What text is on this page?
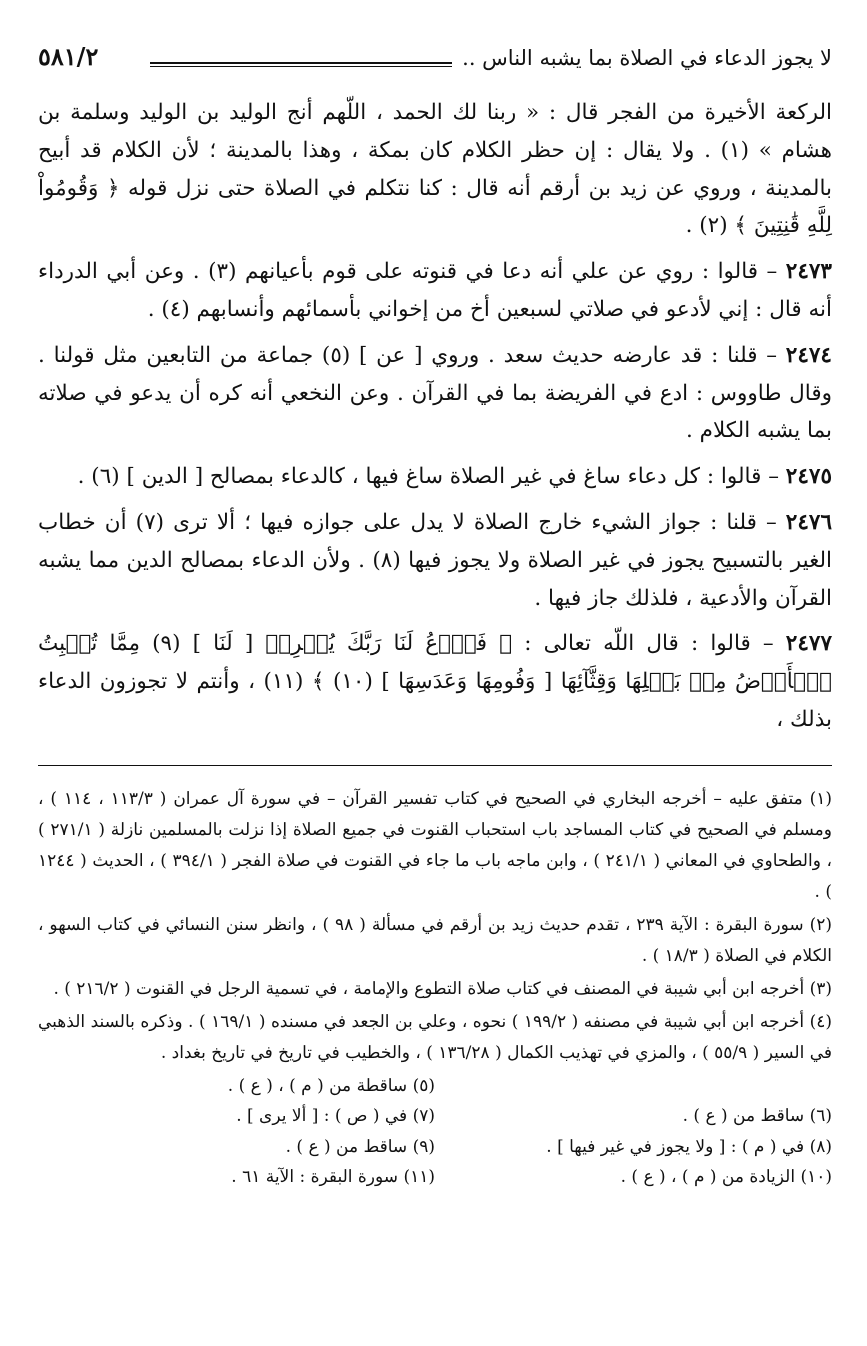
لا يجوز الدعاء في الصلاة بما يشبه الناس ..
٥٨١/٢

الركعة الأخيرة من الفجر قال : « ربنا لك الحمد ، اللّهم أنج الوليد بن الوليد وسلمة بن هشام » (١) . ولا يقال : إن حظر الكلام كان بمكة ، وهذا بالمدينة ؛ لأن الكلام قد أبيح بالمدينة ، وروي عن زيد بن أرقم أنه قال : كنا نتكلم في الصلاة حتى نزل قوله ﴿ وَقُومُواْ لِلَّهِ قَٰنِتِينَ ﴾ (٢) .

٢٤٧٣ – قالوا : روي عن علي أنه دعا في قنوته على قوم بأعيانهم (٣) . وعن أبي الدرداء أنه قال : إني لأدعو في صلاتي لسبعين أخ من إخواني بأسمائهم وأنسابهم (٤) .

٢٤٧٤ – قلنا : قد عارضه حديث سعد . وروي [ عن ] (٥) جماعة من التابعين مثل قولنا . وقال طاووس : ادع في الفريضة بما في القرآن . وعن النخعي أنه كره أن يدعو في صلاته بما يشبه الكلام .

٢٤٧٥ – قالوا : كل دعاء ساغ في غير الصلاة ساغ فيها ، كالدعاء بمصالح [ الدين ] (٦) .

٢٤٧٦ – قلنا : جواز الشيء خارج الصلاة لا يدل على جوازه فيها ؛ ألا ترى (٧) أن خطاب الغير بالتسبيح يجوز في غير الصلاة ولا يجوز فيها (٨) . ولأن الدعاء بمصالح الدين مما يشبه القرآن والأدعية ، فلذلك جاز فيها .

٢٤٧٧ – قالوا : قال اللّه تعالى : ﴿ فَٱدۡعُ لَنَا رَبَّكَ يُخۡرِجۡ [ لَنَا ] (٩) مِمَّا تُنۢبِتُ ٱلۡأَرۡضُ مِنۢ بَقۡلِهَا وَقِثَّآئِهَا [ وَفُومِهَا وَعَدَسِهَا ] (١٠) ﴾ (١١) ، وأنتم لا تجوزون الدعاء بذلك ،

(١) متفق عليه – أخرجه البخاري في الصحيح في كتاب تفسير القرآن – في سورة آل عمران ( ١١٣/٣ ، ١١٤ ) ، ومسلم في الصحيح في كتاب المساجد باب استحباب القنوت في جميع الصلاة إذا نزلت بالمسلمين نازلة ( ٢٧١/١ ) ، والطحاوي في المعاني ( ٢٤١/١ ) ، وابن ماجه باب ما جاء في القنوت في صلاة الفجر ( ٣٩٤/١ ) ، الحديث ( ١٢٤٤ ) .

(٢) سورة البقرة : الآية ٢٣٩ ، تقدم حديث زيد بن أرقم في مسألة ( ٩٨ ) ، وانظر سنن النسائي في كتاب السهو ، الكلام في الصلاة ( ١٨/٣ ) .

(٣) أخرجه ابن أبي شيبة في المصنف في كتاب صلاة التطوع والإمامة ، في تسمية الرجل في القنوت ( ٢١٦/٢ ) .

(٤) أخرجه ابن أبي شيبة في مصنفه ( ١٩٩/٢ ) نحوه ، وعلي بن الجعد في مسنده ( ١٦٩/١ ) . وذكره بالسند الذهبي في السير ( ٥٥/٩ ) ، والمزي في تهذيب الكمال ( ١٣٦/٢٨ ) ، والخطيب في تاريخ في تاريخ بغداد .

(٥) ساقطة من ( م ) ، ( ع ) .
(٦) ساقط من ( ع ) .
(٧) في ( ص ) : [ ألا يرى ] .
(٨) في ( م ) : [ ولا يجوز في غير فيها ] .
(٩) ساقط من ( ع ) .
(١٠) الزيادة من ( م ) ، ( ع ) .
(١١) سورة البقرة : الآية ٦١ .
